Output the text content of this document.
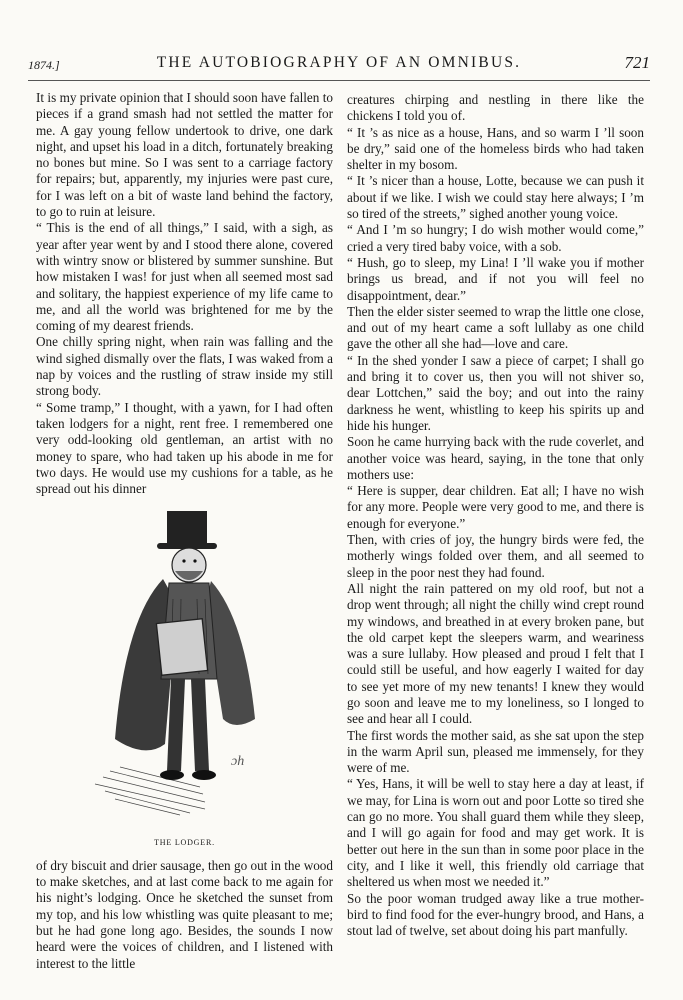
1874.]	THE AUTOBIOGRAPHY OF AN OMNIBUS.	721

It is my private opinion that I should soon have fallen to pieces if a grand smash had not settled the matter for me. A gay young fellow undertook to drive, one dark night, and upset his load in a ditch, fortunately breaking no bones but mine. So I was sent to a carriage factory for repairs; but, apparently, my injuries were past cure, for I was left on a bit of waste land behind the factory, to go to ruin at leisure.

“ This is the end of all things,” I said, with a sigh, as year after year went by and I stood there alone, covered with wintry snow or blistered by summer sunshine. But how mistaken I was! for just when all seemed most sad and solitary, the happiest experience of my life came to me, and all the world was brightened for me by the coming of my dearest friends.

One chilly spring night, when rain was falling and the wind sighed dismally over the flats, I was waked from a nap by voices and the rustling of straw inside my still strong body.

“ Some tramp,” I thought, with a yawn, for I had often taken lodgers for a night, rent free. I remembered one very odd-looking old gentleman, an artist with no money to spare, who had taken up his abode in me for two days. He would use my cushions for a table, as he spread out his dinner

ɔh
THE LODGER.

of dry biscuit and drier sausage, then go out in the wood to make sketches, and at last come back to me again for his night’s lodging. Once he sketched the sunset from my top, and his low whistling was quite pleasant to me; but he had gone long ago. Besides, the sounds I now heard were the voices of children, and I listened with interest to the little

creatures chirping and nestling in there like the chickens I told you of.

“ It ’s as nice as a house, Hans, and so warm I ’ll soon be dry,” said one of the homeless birds who had taken shelter in my bosom.

“ It ’s nicer than a house, Lotte, because we can push it about if we like. I wish we could stay here always; I ’m so tired of the streets,” sighed another young voice.

“ And I ’m so hungry; I do wish mother would come,” cried a very tired baby voice, with a sob.

“ Hush, go to sleep, my Lina! I ’ll wake you if mother brings us bread, and if not you will feel no disappointment, dear.”

Then the elder sister seemed to wrap the little one close, and out of my heart came a soft lullaby as one child gave the other all she had—love and care.

“ In the shed yonder I saw a piece of carpet; I shall go and bring it to cover us, then you will not shiver so, dear Lottchen,” said the boy; and out into the rainy darkness he went, whistling to keep his spirits up and hide his hunger.

Soon he came hurrying back with the rude coverlet, and another voice was heard, saying, in the tone that only mothers use:

“ Here is supper, dear children. Eat all; I have no wish for any more. People were very good to me, and there is enough for everyone.”

Then, with cries of joy, the hungry birds were fed, the motherly wings folded over them, and all seemed to sleep in the poor nest they had found.

All night the rain pattered on my old roof, but not a drop went through; all night the chilly wind crept round my windows, and breathed in at every broken pane, but the old carpet kept the sleepers warm, and weariness was a sure lullaby. How pleased and proud I felt that I could still be useful, and how eagerly I waited for day to see yet more of my new tenants! I knew they would go soon and leave me to my loneliness, so I longed to see and hear all I could.

The first words the mother said, as she sat upon the step in the warm April sun, pleased me immensely, for they were of me.

“ Yes, Hans, it will be well to stay here a day at least, if we may, for Lina is worn out and poor Lotte so tired she can go no more. You shall guard them while they sleep, and I will go again for food and may get work. It is better out here in the sun than in some poor place in the city, and I like it well, this friendly old carriage that sheltered us when most we needed it.”

So the poor woman trudged away like a true mother-bird to find food for the ever-hungry brood, and Hans, a stout lad of twelve, set about doing his part manfully.
